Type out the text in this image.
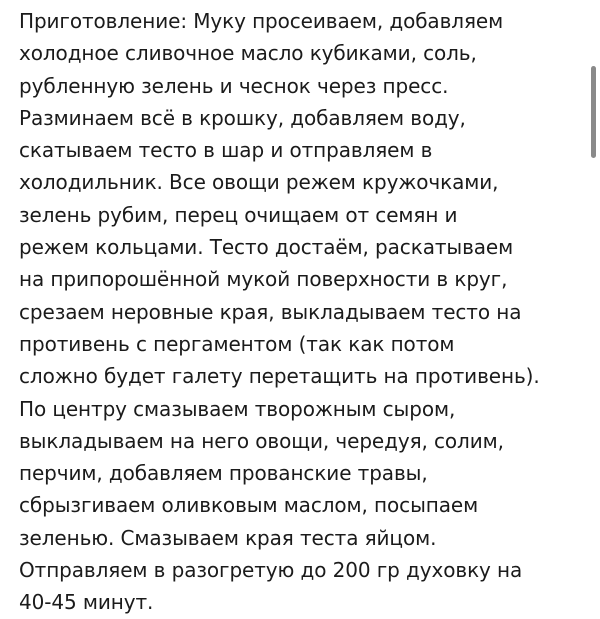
Приготовление: Муку просеиваем, добавляем
холодное сливочное масло кубиками, соль,
рубленную зелень и чеснок через пресс.
Разминаем всё в крошку, добавляем воду,
скатываем тесто в шар и отправляем в
холодильник. Все овощи режем кружочками,
зелень рубим, перец очищаем от семян и
режем кольцами. Тесто достаём, раскатываем
на припорошённой мукой поверхности в круг,
срезаем неровные края, выкладываем тесто на
противень с пергаментом (так как потом
сложно будет галету перетащить на противень).
По центру смазываем творожным сыром,
выкладываем на него овощи, чередуя, солим,
перчим, добавляем прованские травы,
сбрызгиваем оливковым маслом, посыпаем
зеленью. Смазываем края теста яйцом.
Отправляем в разогретую до 200 гр духовку на
40-45 минут.
